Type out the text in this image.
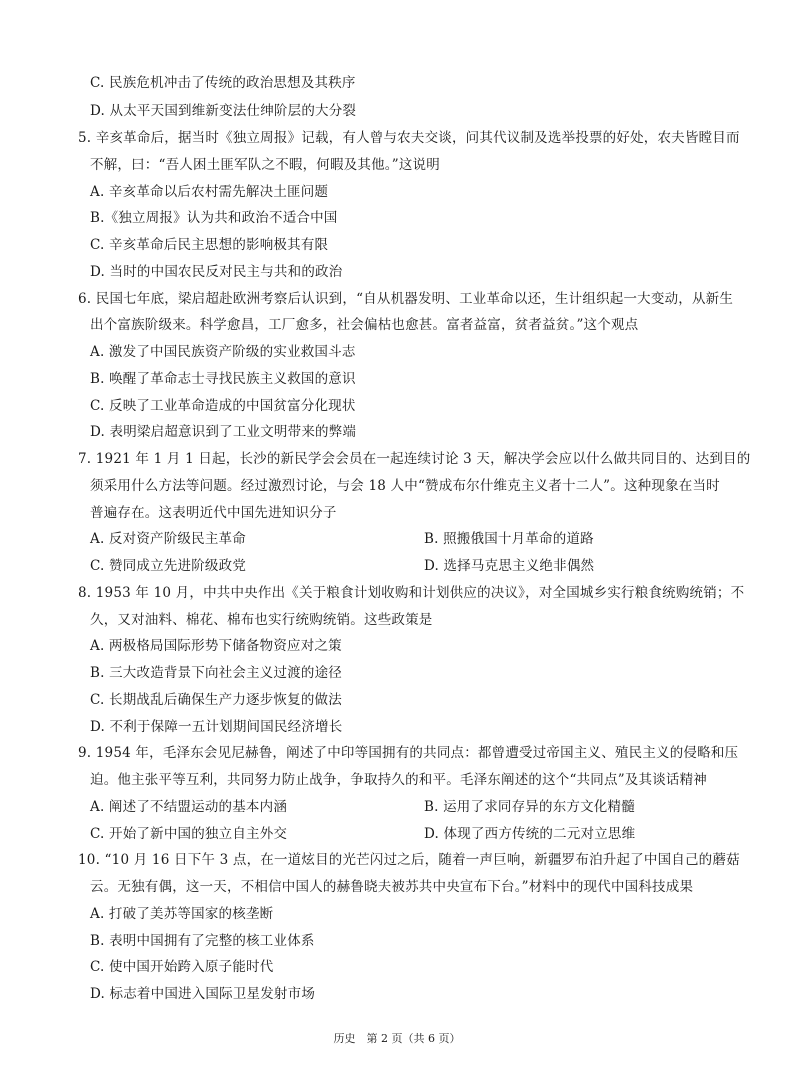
C. 民族危机冲击了传统的政治思想及其秩序
D. 从太平天国到维新变法仕绅阶层的大分裂
5. 辛亥革命后，据当时《独立周报》记载，有人曾与农夫交谈，问其代议制及选举投票的好处，农夫皆瞠目而
不解，曰：“吾人困土匪军队之不暇，何暇及其他。”这说明
A. 辛亥革命以后农村需先解决土匪问题
B.《独立周报》认为共和政治不适合中国
C. 辛亥革命后民主思想的影响极其有限
D. 当时的中国农民反对民主与共和的政治
6. 民国七年底，梁启超赴欧洲考察后认识到，“自从机器发明、工业革命以还，生计组织起一大变动，从新生
出个富族阶级来。科学愈昌，工厂愈多，社会偏枯也愈甚。富者益富，贫者益贫。”这个观点
A. 激发了中国民族资产阶级的实业救国斗志
B. 唤醒了革命志士寻找民族主义救国的意识
C. 反映了工业革命造成的中国贫富分化现状
D. 表明梁启超意识到了工业文明带来的弊端
7. 1921 年 1 月 1 日起，长沙的新民学会会员在一起连续讨论 3 天，解决学会应以什么做共同目的、达到目的
须采用什么方法等问题。经过激烈讨论，与会 18 人中“赞成布尔什维克主义者十二人”。这种现象在当时
普遍存在。这表明近代中国先进知识分子
A. 反对资产阶级民主革命	B. 照搬俄国十月革命的道路
C. 赞同成立先进阶级政党	D. 选择马克思主义绝非偶然
8. 1953 年 10 月，中共中央作出《关于粮食计划收购和计划供应的决议》，对全国城乡实行粮食统购统销；不
久，又对油料、棉花、棉布也实行统购统销。这些政策是
A. 两极格局国际形势下储备物资应对之策
B. 三大改造背景下向社会主义过渡的途径
C. 长期战乱后确保生产力逐步恢复的做法
D. 不利于保障一五计划期间国民经济增长
9. 1954 年，毛泽东会见尼赫鲁，阐述了中印等国拥有的共同点：都曾遭受过帝国主义、殖民主义的侵略和压
迫。他主张平等互利，共同努力防止战争，争取持久的和平。毛泽东阐述的这个“共同点”及其谈话精神
A. 阐述了不结盟运动的基本内涵	B. 运用了求同存异的东方文化精髓
C. 开始了新中国的独立自主外交	D. 体现了西方传统的二元对立思维
10. “10 月 16 日下午 3 点，在一道炫目的光芒闪过之后，随着一声巨响，新疆罗布泊升起了中国自己的蘑菇
云。无独有偶，这一天，不相信中国人的赫鲁晓夫被苏共中央宣布下台。”材料中的现代中国科技成果
A. 打破了美苏等国家的核垄断
B. 表明中国拥有了完整的核工业体系
C. 使中国开始跨入原子能时代
D. 标志着中国进入国际卫星发射市场
历史　第 2 页（共 6 页）
